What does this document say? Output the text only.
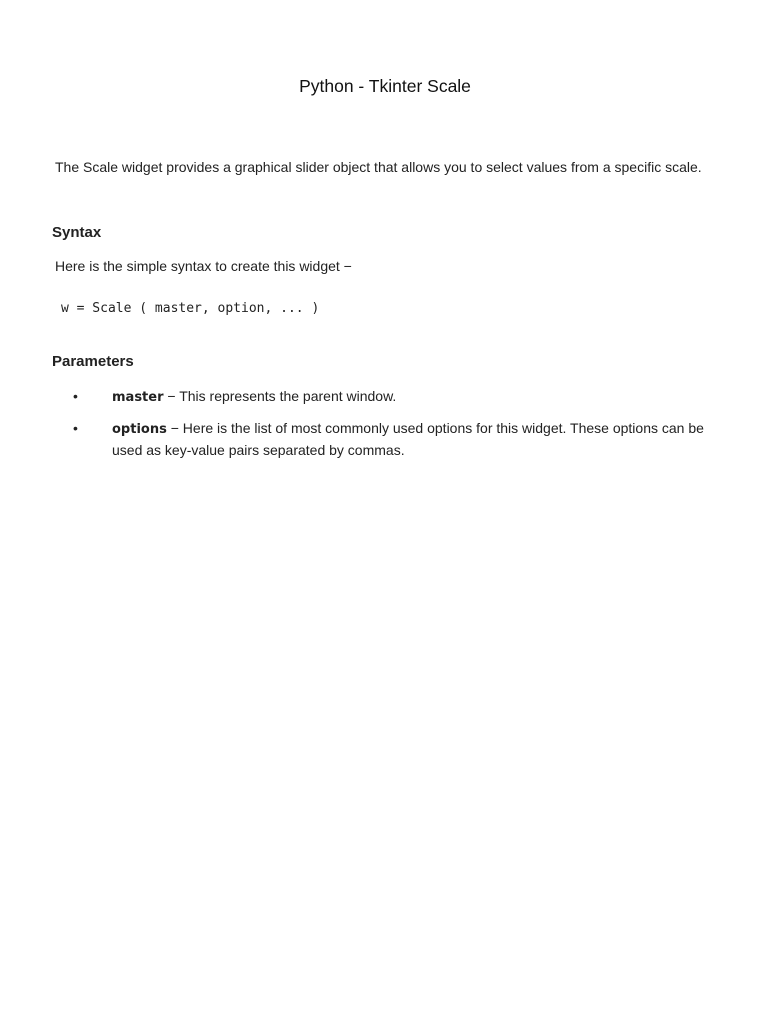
Python - Tkinter Scale

The Scale widget provides a graphical slider object that allows you to select values from a specific scale.

Syntax

Here is the simple syntax to create this widget −

w = Scale ( master, option, ... )
Parameters
•	master − This represents the parent window.
•	options − Here is the list of most commonly used options for this widget. These options can be used as key-value pairs separated by commas.
